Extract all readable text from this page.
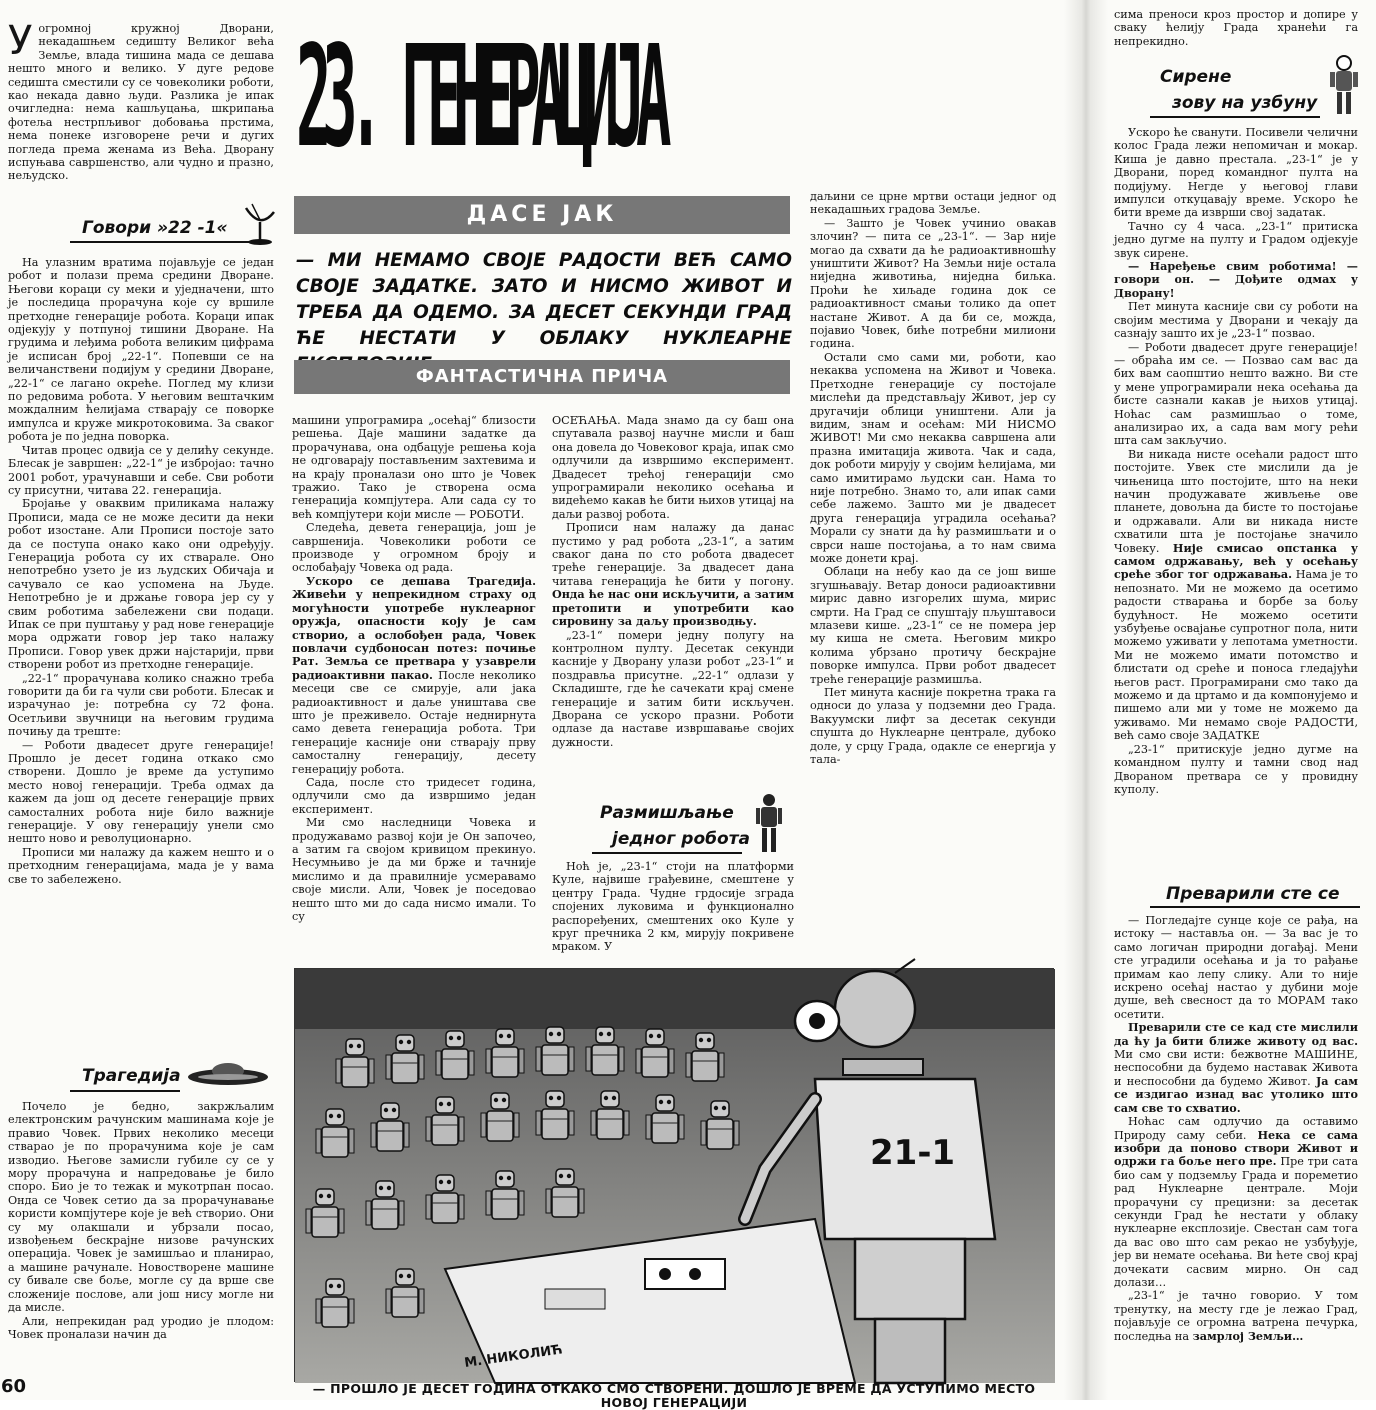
У огромној кружној Дворани, некадашњем седишту Великог већа Земље, влада тишина мада се дешава нешто много и велико. У дуге редове седишта сместили су се човеколики роботи, као некада давно људи. Разлика је ипак очигледна: нема кашљуцања, шкрипања фотеља нестрпљивог добовања прстима, нема понеке изговорене речи и дугих погледа према женама из Већа. Дворану испуњава савршенство, али чудно и празно, нељудско.

Говори »22 -1«

На улазним вратима појављује се један робот и полази према средини Дворане. Његови кораци су меки и уједначени, што је последица прорачуна које су вршиле претходне генерације робота. Кораци ипак одјекују у потпуној тишини Дворане. На грудима и леђима робота великим цифрама је исписан број „22-1“. Попевши се на величанствени подијум у средини Дворане, „22-1“ се лагано окреће. Поглед му клизи по редовима робота. У његовим вештачким мождалним ћелијама стварају се поворке импулса и круже микротоковима. За сваког робота је по једна поворка.

Читав процес одвија се у делићу секунде. Блесак је завршен: „22-1“ је избројао: тачно 2001 робот, урачунавши и себе. Сви роботи су присутни, читава 22. генерација.

Бројање у оваквим приликама налажу Прописи, мада се не може десити да неки робот изостане. Али Прописи постоје зато да се поступа онако како они одређују. Генерација робота су их стварале. Оно непотребно узето је из људских Обичаја и сачувало се као успомена на Људе. Непотребно је и држање говора јер су у свим роботима забележени сви подаци. Ипак се при пуштању у рад нове генерације мора одржати говор јер тако налажу Прописи. Говор увек држи најстарији, први створени робот из претходне генерације.

„22-1“ прорачунава колико снажно треба говорити да би га чули сви роботи. Блесак и израчунао је: потребна су 72 фона. Осетљиви звучници на његовим грудима почињу да треште:

— Роботи двадесет друге генерације! Прошло је десет година откако смо створени. Дошло је време да уступимо место новој генерацији. Треба одмах да кажем да још од десете генерације првих самосталних робота није било важније генерације. У ову генерацију унели смо нешто ново и револуционарно.

Прописи ми налажу да кажем нешто и о претходним генерацијама, мада је у вама све то забележено.

Трагедија

Почело је бедно, закржљалим електронским рачунским машинама које је правио Човек. Првих неколико месеци стварао је по прорачунима које је сам изводио. Његове замисли губиле су се у мору прорачуна и напредовање је било споро. Био је то тежак и мукотрпан посао. Онда се Човек сетио да за прорачунавање користи компјутере које је већ створио. Они су му олакшали и убрзали посао, извођењем бескрајне низове рачунских операција. Човек је замишљао и планирао, а машине рачунале. Новостворене машине су бивале све боље, могле су да врше све сложеније послове, али још нису могле ни да мисле.

Али, непрекидан рад уродио је плодом: Човек проналази начин да

60
23. ГЕНЕРАЦИЈА
ДАСЕ ЈАК
— МИ НЕМАМО СВОЈЕ РАДОСТИ ВЕЋ САМО СВОЈЕ ЗАДАТКЕ. ЗАТО И НИСМО ЖИВОТ И ТРЕБА ДА ОДЕМО. ЗА ДЕСЕТ СЕКУНДИ ГРАД ЋЕ НЕСТАТИ У ОБЛАКУ НУКЛЕАРНЕ
ФАНТАСТИЧНА ПРИЧА

машини упрограмира „осећај“ близости решења. Даје машини задатке да прорачунава, она одбацује решења која не одговарају постављеним захтевима и на крају проналази оно што је Човек тражио. Тако је створена осма генерација компјутера. Али сада су то већ компјутери који мисле — РОБОТИ.

Следећа, девета генерација, још је савршенија. Човеколики роботи се производе у огромном броју и ослобађају Човека од рада.

Ускоро се дешава Трагедија. Живећи у непрекидном страху од могућности употребе нуклеарног оружја, опасности коју је сам створио, а ослобођен рада, Човек повлачи судбоносан потез: почиње Рат. Земља се претвара у узаврели радиоактивни пакао. После неколико месеци све се смирује, али јака радиоактивност и даље уништава све што је преживело. Остаје неднирнута само девета генерација робота. Три генерације касније они стварају прву самосталну генерацију, десету генерацију робота.

Сада, после сто тридесет година, одлучили смо да извршимо један експеримент.

Ми смо наследници Човека и продужавамо развој који је Он започео, а затим га својом кривицом прекинуо. Несумњиво је да ми брже и тачније мислимо и да правилније усмеравамо своје мисли. Али, Човек је поседовао нешто што ми до сада нисмо имали. То су

ОСЕЋАЊА. Мада знамо да су баш она спутавала развој научне мисли и баш она довела до Човековог краја, ипак смо одлучили да извршимо експеримент. Двадесет трећој генерацији смо упрограмирали неколико осећања и видећемо какав ће бити њихов утицај на даљи развој робота.

Прописи нам налажу да данас пустимо у рад робота „23-1“, а затим сваког дана по сто робота двадесет треће генерације. За двадесет дана читава генерација ће бити у погону. Онда ће нас они искључити, а затим претопити и употребити као сировину за даљу производњу.

„23-1“ помери једну полугу на контролном пулту. Десетак секунди касније у Дворану улази робот „23-1“ и поздравља присутне. „22-1“ одлази у Складиште, где ће сачекати крај смене генерације и затим бити искључен. Дворана се ускоро празни. Роботи одлазе да наставе извршавање својих дужности.

Размишљање
једног робота

Ноћ је, „23-1“ стоји на платформи Куле, највише грађевине, смештене у центру Града. Чудне грдосије зграда спојених луковима и функционално распоређених, смештених око Куле у круг пречника 2 км, мирују покривене мраком. У

даљини се црне мртви остаци једног од некадашњих градова Земље.

— Зашто је Човек учинио овакав злочин? — пита се „23-1“. — Зар није могао да схвати да ће радиоактивношћу уништити Живот? На Земљи није остала ниједна животиња, ниједна биљка. Проћи ће хиљаде година док се радиоактивност смањи толико да опет настане Живот. А да би се, можда, појавио Човек, биће потребни милиони година.

Остали смо сами ми, роботи, као некаква успомена на Живот и Човека. Претходне генерације су постојале мислећи да представљају Живот, јер су другачији облици уништени. Али ја видим, знам и осећам: МИ НИСМО ЖИВОТ! Ми смо некаква савршена али празна имитација живота. Чак и сада, док роботи мирују у својим ћелијама, ми само имитирамо људски сан. Нама то није потребно. Знамо то, али ипак сами себе лажемо. Зашто ми је двадесет друга генерација уградила осећања? Морали су знати да ћу размишљати и о сврси наше постојања, а то нам свима може донети крај.

Облаци на небу као да се још више згушњавају. Ветар доноси радиоактивни мирис давно изгорелих шума, мирис смрти. На Град се спуштају пљуштавоси млазеви кише. „23-1“ се не помера јер му киша не смета. Његовим микро колима убрзано протичу бескрајне поворке импулса. Први робот двадесет треће генерације размишља.

Пет минута касније покретна трака га односи до улаза у подземни део Града. Вакуумски лифт за десетак секунди спушта до Нуклеарне централе, дубоко доле, у срцу Града, одакле се енергија у тала-

21-1
М. НИКОЛИЋ
— ПРОШЛО ЈЕ ДЕСЕТ ГОДИНА ОТКАКО СМО СТВОРЕНИ. ДОШЛО ЈЕ ВРЕМЕ ДА УСТУПИМО МЕСТО НОВОЈ ГЕНЕРАЦИЈИ

сима преноси кроз простор и допире у сваку ћелију Града хранећи га непрекидно.

Сирене
зову на узбуну

Ускоро ће сванути. Посивели челични колос Града лежи непомичан и мокар. Киша је давно престала. „23-1“ је у Дворани, поред командног пулта на подијуму. Негде у његовој глави импулси откуцавају време. Ускоро ће бити време да изврши свој задатак.

Тачно су 4 часа. „23-1“ притиска једно дугме на пулту и Градом одјекује звук сирене.

— Наређење свим роботима! — говори он. — Дођите одмах у Дворану!

Пет минута касније сви су роботи на својим местима у Дворани и чекају да сазнају зашто их је „23-1“ позвао.

— Роботи двадесет друге генерације! — обраћа им се. — Позвао сам вас да бих вам саопштио нешто важно. Ви сте у мене упрограмирали нека осећања да бисте сазнали какав је њихов утицај. Ноћас сам размишљао о томе, анализирао их, а сада вам могу рећи шта сам закључио.

Ви никада нисте осећали радост што постојите. Увек сте мислили да је чињеница што постојите, што на неки начин продужавате живљење ове планете, довољна да бисте то постојање и одржавали. Али ви никада нисте схватили шта је постојање значило Човеку. Није смисао опстанка у самом одржавању, већ у осећању среће због тог одржавања. Нама је то непознато. Ми не можемо да осетимо радости стварања и борбе за бољу будућност. Не можемо осетити узбуђење освајање супротног пола, нити можемо уживати у лепотама уметности. Ми не можемо имати потомство и блистати од среће и поноса гледајући његов раст. Програмирани смо тако да можемо и да цртамо и да компонујемо и пишемо али ми у томе не можемо да уживамо. Ми немамо своје РАДОСТИ, већ само своје ЗАДАТКЕ

„23-1“ притискује једно дугме на командном пулту и тамни свод над Двораном претвара се у провидну куполу.

Преварили сте се

— Погледајте сунце које се рађа, на истоку — наставља он. — За вас је то само логичан природни догађај. Мени сте уградили осећања и ја то рађање примам као лепу слику. Али то није искрено осећај настао у дубини моје душе, већ свесност да то МОРАМ тако осетити.

Преварили сте се кад сте мислили да ћу ја бити ближе животу од вас. Ми смо сви исти: бежвотне МАШИНЕ, неспособни да будемо наставак Живота и неспособни да будемо Живот. Ја сам се издигао изнад вас утолико што сам све то схватио.

Ноћас сам одлучио да оставимо Природу саму себи. Нека се сама изобри да поново створи Живот и одржи га боље него пре. Пре три сата био сам у подземљу Града и пореметио рад Нуклеарне централе. Моји прорачуни су прецизни: за десетак секунди Град ће нестати у облаку нуклеарне експлозије. Свестан сам тога да вас ово што сам рекао не узбуђује, јер ви немате осећања. Ви ћете свој крај дочекати сасвим мирно. Он сад долази…

„23-1“ је тачно говорио. У том тренутку, на месту где је лежао Град, појављује се огромна ватрена печурка, последња на замрлој Земљи…
